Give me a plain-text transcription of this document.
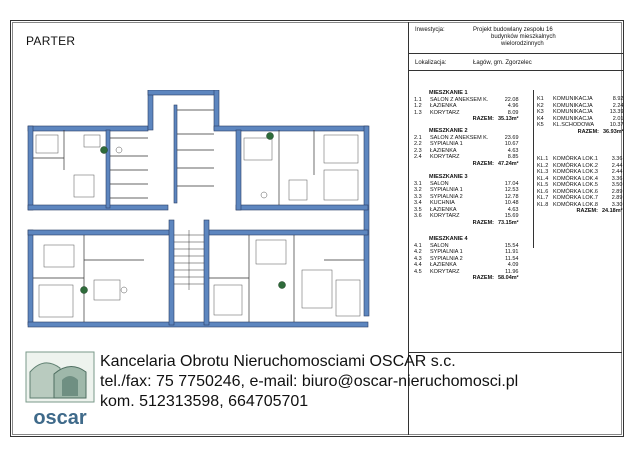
PARTER
Inwestycja:	Projekt budowlany zespołu 16
budynków mieszkalnych
wielorodzinnych
Lokalizacja:	Łagów, gm. Zgorzelec
MIESZKANIE 1
1.1	SALON Z ANEKSEM K.	22.08
1.2	ŁAZIENKA	4.96
1.3	KORYTARZ	8.09
	RAZEM:	35.13m²
MIESZKANIE 2
2.1	SALON Z ANEKSEM K.	23.69
2.2	SYPIALNIA 1	10.67
2.3	ŁAZIENKA	4.63
2.4	KORYTARZ	8.85
	RAZEM:	47.24m²
MIESZKANIE 3
3.1	SALON	17.04
3.2	SYPIALNIA 1	12.53
3.3	SYPIALNIA 2	12.78
3.4	KUCHNIA	10.48
3.5	ŁAZIENKA	4.63
3.6	KORYTARZ	15.69
	RAZEM:	73.15m²
MIESZKANIE 4
4.1	SALON	15.54
4.2	SYPIALNIA 1	11.91
4.3	SYPIALNIA 2	11.54
4.4	ŁAZIENKA	4.09
4.5	KORYTARZ	11.96
	RAZEM:	58.04m²
K1	KOMUNIKACJA	8.92
K2	KOMUNIKACJA	2.24
K3	KOMUNIKACJA	13.39
K4	KOMUNIKACJA	2.01
K5	KL.SCHODOWA	10.37
	RAZEM:	36.93m²
KL.1	KOMÓRKA LOK.1	3.36
KL.2	KOMÓRKA LOK.2	2.44
KL.3	KOMÓRKA LOK.3	2.44
KL.4	KOMÓRKA LOK.4	3.36
KL.5	KOMÓRKA LOK.5	3.50
KL.6	KOMÓRKA LOK.6	2.89
KL.7	KOMÓRKA LOK.7	2.89
KL.8	KOMÓRKA LOK.8	3.30
	RAZEM:	24.18m²
oscar
Kancelaria Obrotu Nieruchomosciami OSCAR s.c.
tel./fax: 75 7750246, e-mail: biuro@oscar-nieruchomosci.pl
kom. 512313598, 664705701
